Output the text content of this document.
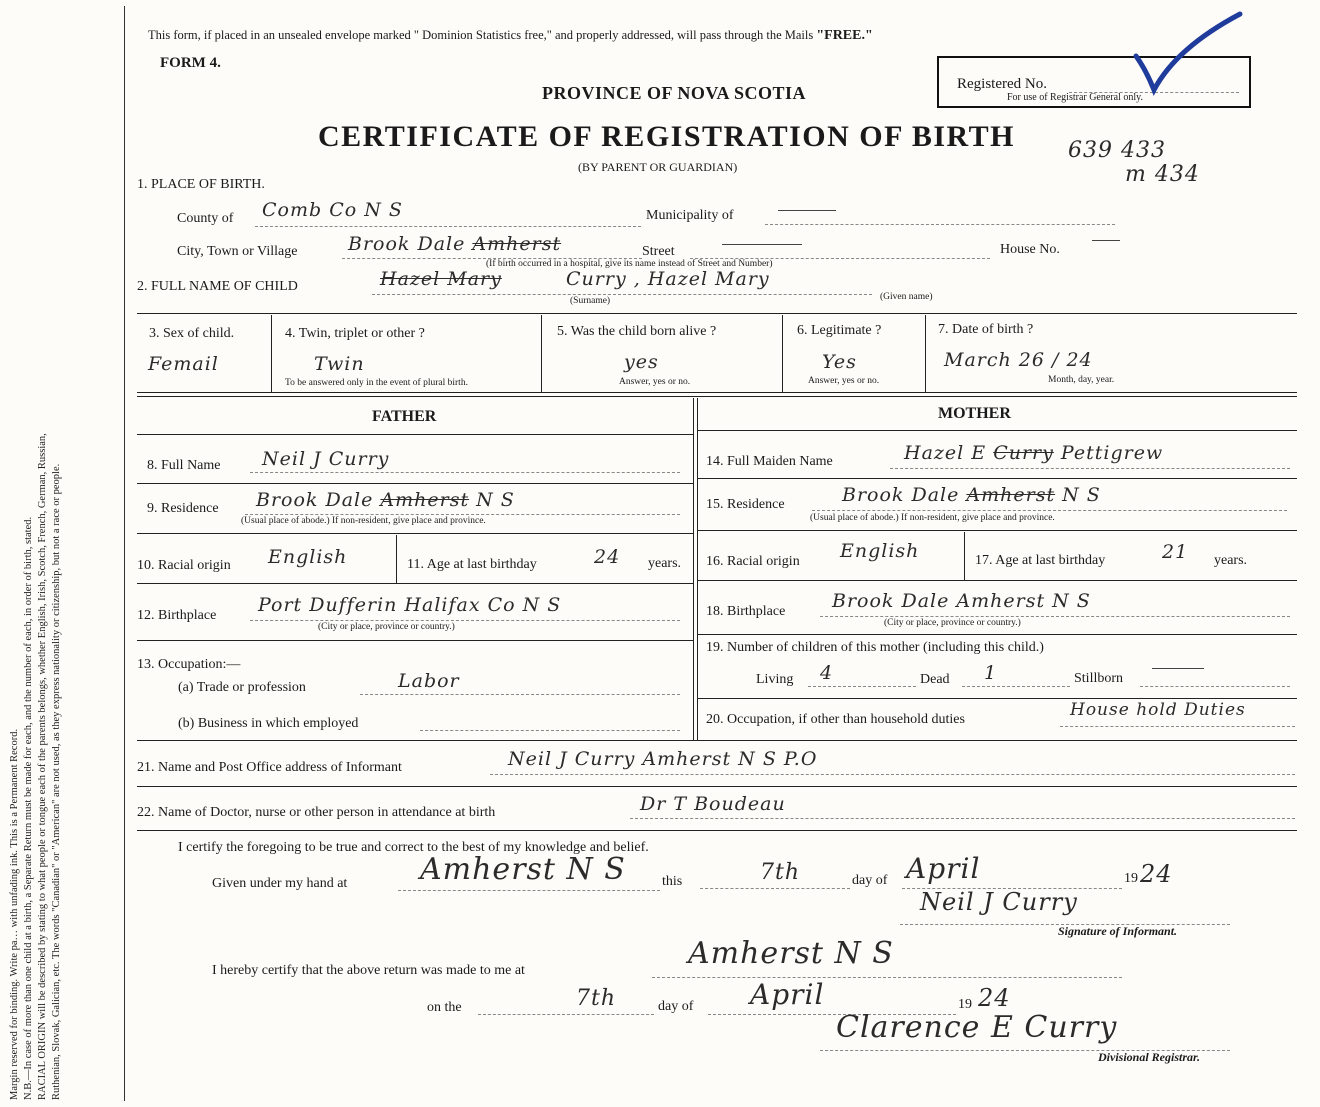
Margin reserved for binding. Write pa… with unfading ink. This is a Permanent Record. N.B.—In case of more than one child at a birth, a Separate Return must be made for each, and the number of each, in order of birth, stated. RACIAL ORIGIN will be described by stating to what people or tongue each of the parents belongs, whether English, Irish, Scotch, French, German, Russian, Ruthenian, Slovak, Galician, etc. The words "Canadian" or "American" are not used, as they express nationality or citizenship, but not a race or people.
This form, if placed in an unsealed envelope marked " Dominion Statistics free," and properly addressed, will pass through the Mails "FREE."
FORM 4.
PROVINCE OF NOVA SCOTIA
CERTIFICATE OF REGISTRATION OF BIRTH
(BY PARENT OR GUARDIAN)
Registered No.
For use of Registrar General only.
639 433
m 434
1. PLACE OF BIRTH.
County of Comb Co N S	Municipality of
City, Town or Village	Brook Dale Amherst	Street	House No.
(If birth occurred in a hospital, give its name instead of Street and Number)
2. FULL NAME OF CHILD	Hazel Mary	Curry , Hazel Mary
(Surname)	(Given name)
3. Sex of child.
Femail
4. Twin, triplet or other ?
Twin
To be answered only in the event of plural birth.
5. Was the child born alive ?
yes
Answer, yes or no.
6. Legitimate ?
Yes
Answer, yes or no.
7. Date of birth ?
March 26 / 24
Month, day, year.
FATHER
8. Full Name Neil J Curry
9. Residence Brook Dale Amherst N S
(Usual place of abode.) If non-resident, give place and province.
10. Racial origin English	11. Age at last birthday	24 years.
12. Birthplace Port Dufferin Halifax Co N S
(City or place, province or country.)
13. Occupation:—
(a) Trade or profession	Labor
(b) Business in which employed
MOTHER
14. Full Maiden Name	Hazel E Curry Pettigrew
15. Residence	Brook Dale Amherst N S
(Usual place of abode.) If non-resident, give place and province.
16. Racial origin English	17. Age at last birthday	21 years.
18. Birthplace Brook Dale Amherst N S
(City or place, province or country.)
19. Number of children of this mother (including this child.)
Living 4	Dead 1	Stillborn
20. Occupation, if other than household duties	House hold Duties
21. Name and Post Office address of Informant	Neil J Curry Amherst N S P.O
22. Name of Doctor, nurse or other person in attendance at birth	Dr T Boudeau
I certify the foregoing to be true and correct to the best of my knowledge and belief.
Given under my hand at Amherst N S	this	7th	day of April	19 24
Neil J Curry
Signature of Informant.
I hereby certify that the above return was made to me at	Amherst N S
on the	7th	day of April	19 24
Clarence E Curry
Divisional Registrar.
